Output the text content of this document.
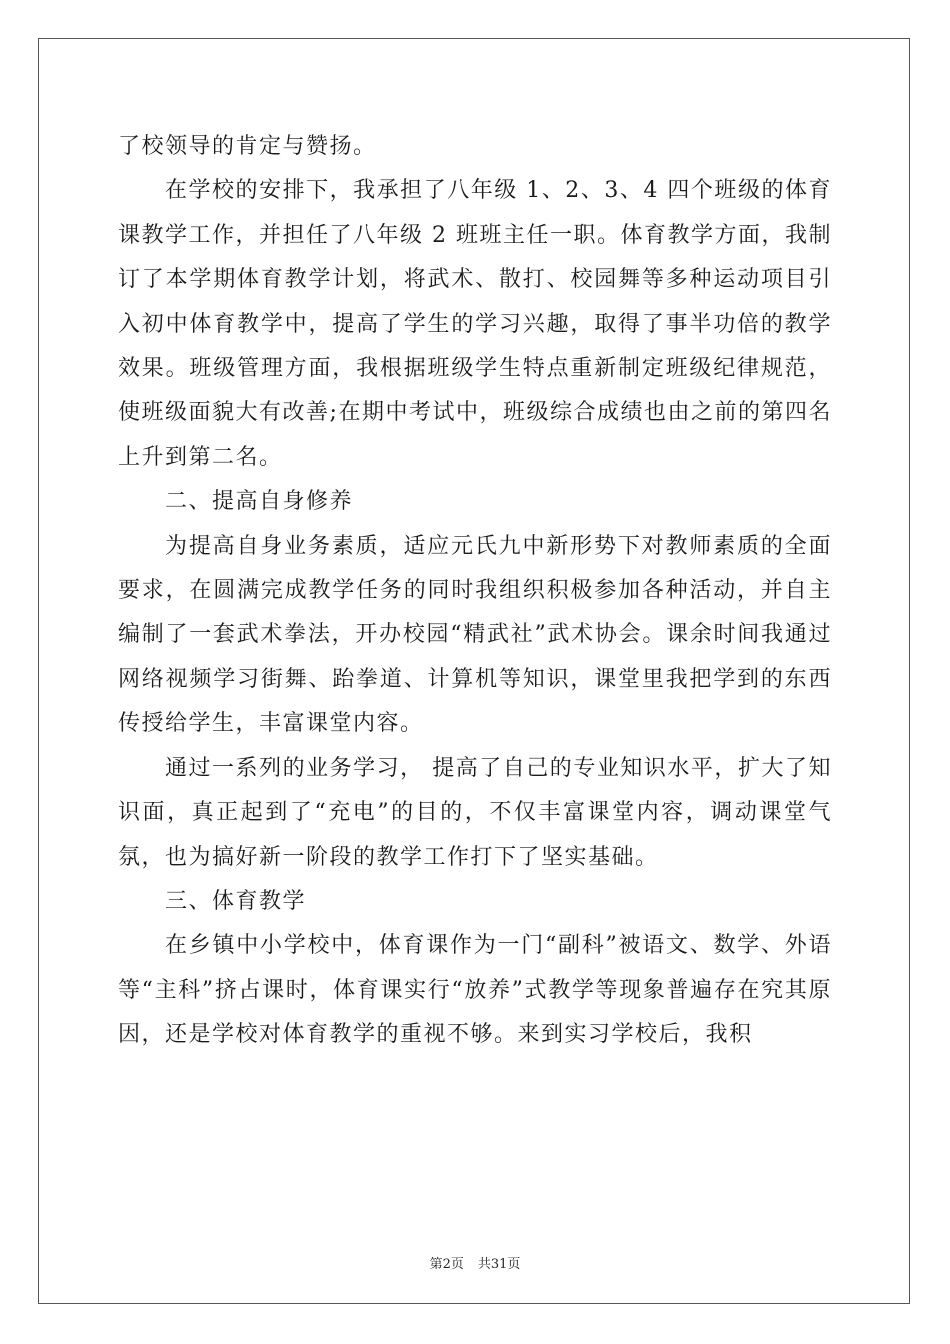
了校领导的肯定与赞扬。

在学校的安排下，我承担了八年级 1、2、3、4 四个班级的体育课教学工作，并担任了八年级 2 班班主任一职。体育教学方面，我制订了本学期体育教学计划，将武术、散打、校园舞等多种运动项目引入初中体育教学中，提高了学生的学习兴趣，取得了事半功倍的教学效果。班级管理方面，我根据班级学生特点重新制定班级纪律规范，使班级面貌大有改善;在期中考试中，班级综合成绩也由之前的第四名上升到第二名。

二、提高自身修养

为提高自身业务素质，适应元氏九中新形势下对教师素质的全面要求，在圆满完成教学任务的同时我组织积极参加各种活动，并自主编制了一套武术拳法，开办校园“精武社”武术协会。课余时间我通过网络视频学习街舞、跆拳道、计算机等知识，课堂里我把学到的东西传授给学生，丰富课堂内容。

通过一系列的业务学习， 提高了自己的专业知识水平，扩大了知识面，真正起到了“充电”的目的，不仅丰富课堂内容，调动课堂气氛，也为搞好新一阶段的教学工作打下了坚实基础。

三、体育教学

在乡镇中小学校中，体育课作为一门“副科”被语文、数学、外语等“主科”挤占课时，体育课实行“放养”式教学等现象普遍存在究其原因，还是学校对体育教学的重视不够。来到实习学校后，我积

第2页 共31页
